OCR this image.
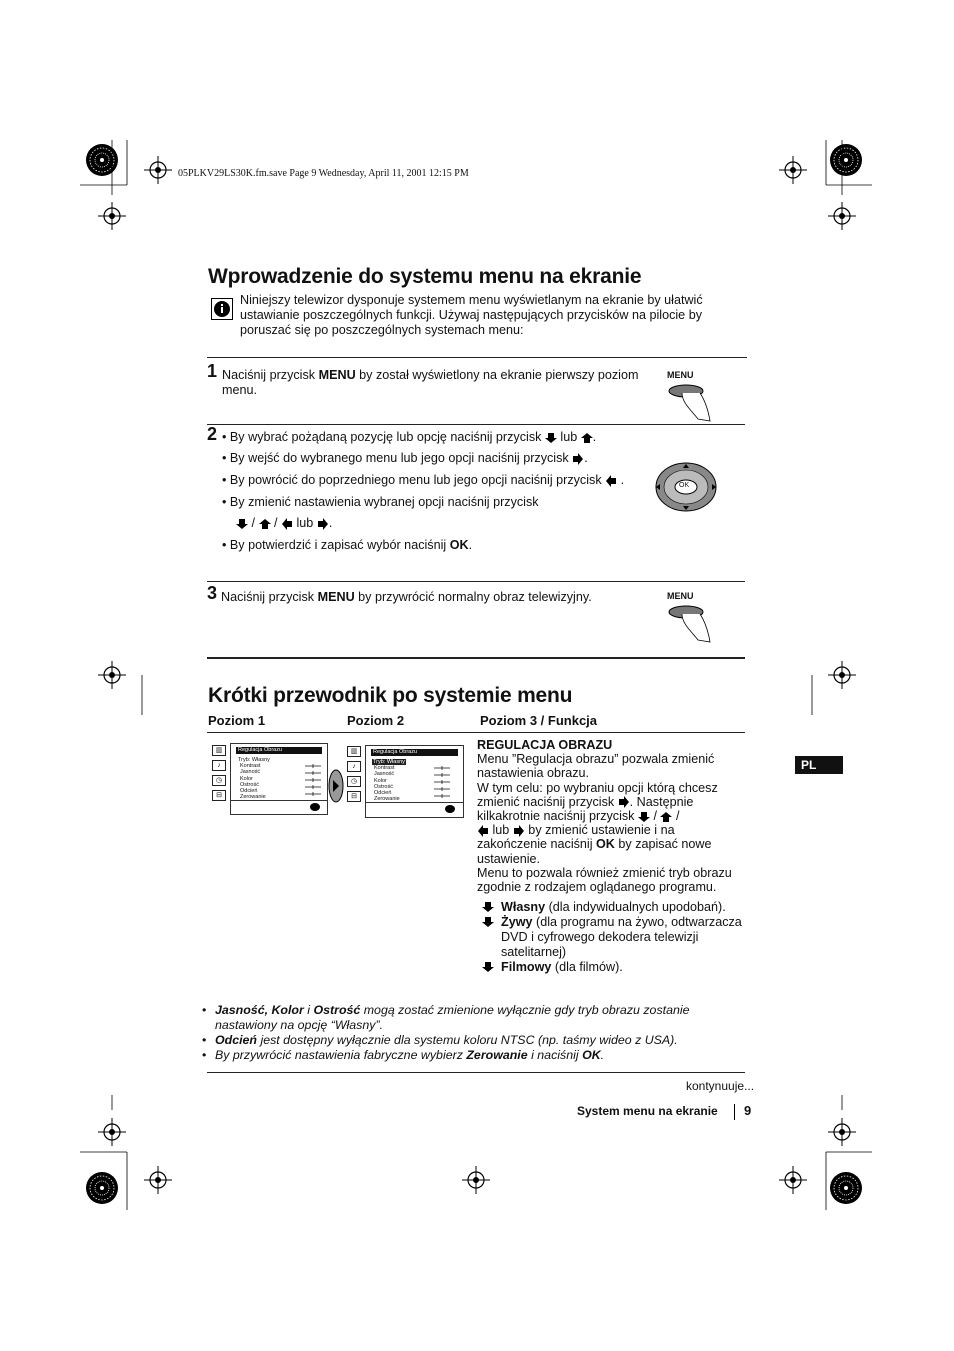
05PLKV29LS30K.fm.save Page 9 Wednesday, April 11, 2001 12:15 PM
Wprowadzenie do systemu menu na ekranie
Niniejszy telewizor dysponuje systemem menu wyświetlanym na ekranie by ułatwić ustawianie poszczególnych funkcji. Używaj następujących przycisków na pilocie by poruszać się po poszczególnych systemach menu:
1 Naciśnij przycisk MENU by został wyświetlony na ekranie pierwszy poziom menu.
MENU
2 • By wybrać pożądaną pozycję lub opcję naciśnij przycisk  lub .
• By wejść do wybranego menu lub jego opcji naciśnij przycisk .
• By powrócić do poprzedniego menu lub jego opcji naciśnij przycisk  .
• By zmienić nastawienia wybranej opcji naciśnij przycisk
/  /  lub .
• By potwierdzić i zapisać wybór naciśnij OK.
OK
3 Naciśnij przycisk MENU by przywrócić normalny obraz telewizyjny.	MENU
Krótki przewodnik po systemie menu
Poziom 1	Poziom 2	Poziom 3 / Funkcja
▥
♪
◷
⊟
Regulacja Obrazu
Tryb: Własny
Kontrast
Jasność
Kolor
Ostrość
Odcień
Zerowanie
▥
♪
◷
⊟
Regulacja Obrazu
Tryb: Własny
Kontrast
Jasność
Kolor
Ostrość
Odcień
Zerowanie
REGULACJA OBRAZU
Menu ”Regulacja obrazu” pozwala zmienić nastawienia obrazu.
W tym celu: po wybraniu opcji którą chcesz zmienić naciśnij przycisk . Następnie kilkakrotnie naciśnij przycisk  /  /
lub  by zmienić ustawienie i na zakończenie naciśnij OK by zapisać nowe ustawienie.
Menu to pozwala również zmienić tryb obrazu zgodnie z rodzajem oglądanego programu.
Własny (dla indywidualnych upodobań).
Żywy (dla programu na żywo, odtwarzacza DVD i cyfrowego dekodera telewizji satelitarnej)
Filmowy (dla filmów).
PL
• Jasność, Kolor i Ostrość mogą zostać zmienione wyłącznie gdy tryb obrazu zostanie nastawiony na opcję “Własny”.
• Odcień jest dostępny wyłącznie dla systemu koloru NTSC (np. taśmy wideo z USA).
• By przywrócić nastawienia fabryczne wybierz Zerowanie i naciśnij OK.
kontynuuje...
System menu na ekranie 9
